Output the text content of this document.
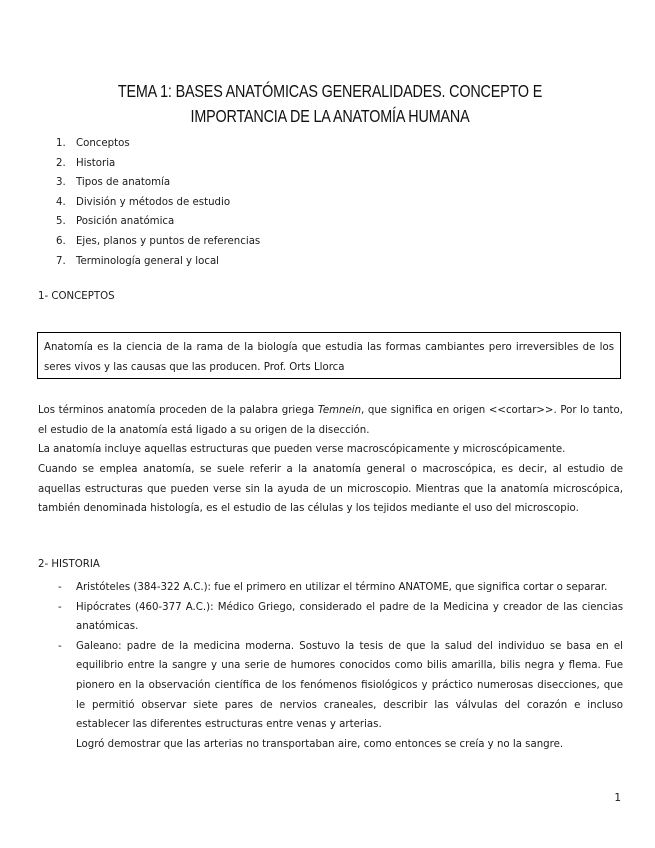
TEMA 1: BASES ANATÓMICAS GENERALIDADES. CONCEPTO E IMPORTANCIA DE LA ANATOMÍA HUMANA
1.	Conceptos
2.	Historia
3.	Tipos de anatomía
4.	División y métodos de estudio
5.	Posición anatómica
6.	Ejes, planos y puntos de referencias
7.	Terminología general y local
1- CONCEPTOS
Anatomía es la ciencia de la rama de la biología que estudia las formas cambiantes pero irreversibles de los seres vivos y las causas que las producen. Prof. Orts Llorca

Los términos anatomía proceden de la palabra griega Temnein, que significa en origen <<cortar>>. Por lo tanto, el estudio de la anatomía está ligado a su origen de la disección.

La anatomía incluye aquellas estructuras que pueden verse macroscópicamente y microscópicamente.

Cuando se emplea anatomía, se suele referir a la anatomía general o macroscópica, es decir, al estudio de aquellas estructuras que pueden verse sin la ayuda de un microscopio. Mientras que la anatomía microscópica, también denominada histología, es el estudio de las células y los tejidos mediante el uso del microscopio.

2- HISTORIA
-	Aristóteles (384-322 A.C.): fue el primero en utilizar el término ANATOME, que significa cortar o separar.
-	Hipócrates (460-377 A.C.): Médico Griego, considerado el padre de la Medicina y creador de las ciencias anatómicas.
-	Galeano: padre de la medicina moderna. Sostuvo la tesis de que la salud del individuo se basa en el equilibrio entre la sangre y una serie de humores conocidos como bilis amarilla, bilis negra y flema. Fue pionero en la observación científica de los fenómenos fisiológicos y práctico numerosas disecciones, que le permitió observar siete pares de nervios craneales, describir las válvulas del corazón e incluso establecer las diferentes estructuras entre venas y arterias.

Logró demostrar que las arterias no transportaban aire, como entonces se creía y no la sangre.

1
